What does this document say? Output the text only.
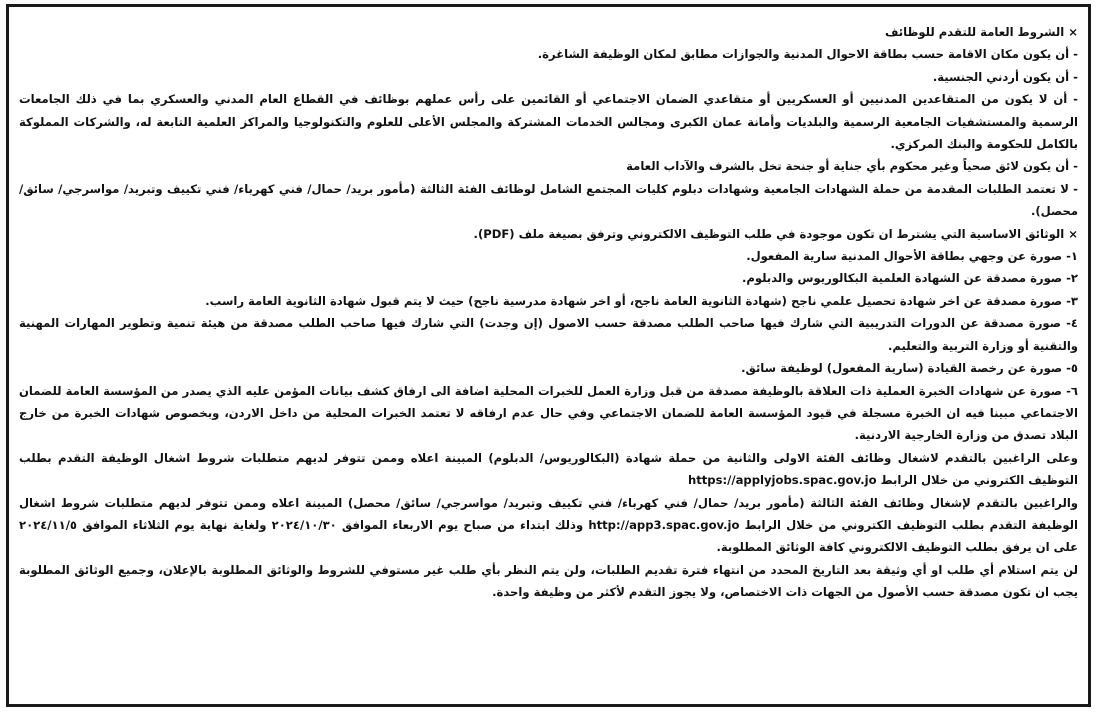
× الشروط العامة للتقدم للوظائف

- أن يكون مكان الاقامة حسب بطاقة الاحوال المدنية والجوازات مطابق لمكان الوظيفة الشاغرة.

- أن يكون أردني الجنسية.

- أن لا يكون من المتقاعدين المدنيين أو العسكريين أو متقاعدي الضمان الاجتماعي أو القائمين على رأس عملهم بوظائف في القطاع العام المدني والعسكري بما في ذلك الجامعات الرسمية والمستشفيات الجامعية الرسمية والبلديات وأمانة عمان الكبرى ومجالس الخدمات المشتركة والمجلس الأعلى للعلوم والتكنولوجيا والمراكز العلمية التابعة له، والشركات المملوكة بالكامل للحكومة والبنك المركزي.

- أن يكون لائق صحياً وغير محكوم بأي جناية أو جنحة تخل بالشرف والآداب العامة

- لا تعتمد الطلبات المقدمة من حملة الشهادات الجامعية وشهادات دبلوم كليات المجتمع الشامل لوظائف الفئة الثالثة (مأمور بريد/ حمال/ فني كهرباء/ فني تكييف وتبريد/ مواسرجي/ سائق/ محصل).

× الوثائق الاساسية التي يشترط ان تكون موجودة في طلب التوظيف الالكتروني وترفق بصيغة ملف (PDF).

١- صورة عن وجهي بطاقة الأحوال المدنية سارية المفعول.

٢- صورة مصدقة عن الشهادة العلمية البكالوريوس والدبلوم.

٣- صورة مصدقة عن اخر شهادة تحصيل علمي ناجح (شهادة الثانوية العامة ناجح، أو اخر شهادة مدرسية ناجح) حيث لا يتم قبول شهادة الثانوية العامة راسب.

٤- صورة مصدقة عن الدورات التدريبية التي شارك فيها صاحب الطلب مصدقة حسب الاصول (إن وجدت) التي شارك فيها صاحب الطلب مصدقة من هيئة تنمية وتطوير المهارات المهنية والتقنية أو وزارة التربية والتعليم.

٥- صورة عن رخصة القيادة (سارية المفعول) لوظيفة سائق.

٦- صورة عن شهادات الخبرة العملية ذات العلاقة بالوظيفة مصدقة من قبل وزارة العمل للخبرات المحلية اضافة الى ارفاق كشف بيانات المؤمن عليه الذي يصدر من المؤسسة العامة للضمان الاجتماعي مبينا فيه ان الخبرة مسجلة في قيود المؤسسة العامة للضمان الاجتماعي وفي حال عدم ارفاقه لا تعتمد الخبرات المحلية من داخل الاردن، وبخصوص شهادات الخبرة من خارج البلاد تصدق من وزارة الخارجية الاردنية.

وعلى الراغبين بالتقدم لاشغال وظائف الفئة الاولى والثانية من حملة شهادة (البكالوريوس/ الدبلوم) المبينة اعلاه وممن تتوفر لديهم متطلبات شروط اشغال الوظيفة التقدم بطلب التوظيف الكتروني من خلال الرابط https://applyjobs.spac.gov.jo

والراغبين بالتقدم لإشغال وظائف الفئة الثالثة (مأمور بريد/ حمال/ فني كهرباء/ فني تكييف وتبريد/ مواسرجي/ سائق/ محصل) المبينة اعلاه وممن تتوفر لديهم متطلبات شروط اشغال الوظيفة التقدم بطلب التوظيف الكتروني من خلال الرابط http://app3.spac.gov.jo وذلك ابتداء من صباح يوم الاربعاء الموافق ٢٠٢٤/١٠/٣٠ ولغاية نهاية يوم الثلاثاء الموافق ٢٠٢٤/١١/٥ على ان يرفق بطلب التوظيف الالكتروني كافة الوثائق المطلوبة.

لن يتم استلام أي طلب او أي وثيقة بعد التاريخ المحدد من انتهاء فترة تقديم الطلبات، ولن يتم النظر بأي طلب غير مستوفي للشروط والوثائق المطلوبة بالإعلان، وجميع الوثائق المطلوبة يجب ان تكون مصدقة حسب الأصول من الجهات ذات الاختصاص، ولا يجوز التقدم لأكثر من وظيفة واحدة.
